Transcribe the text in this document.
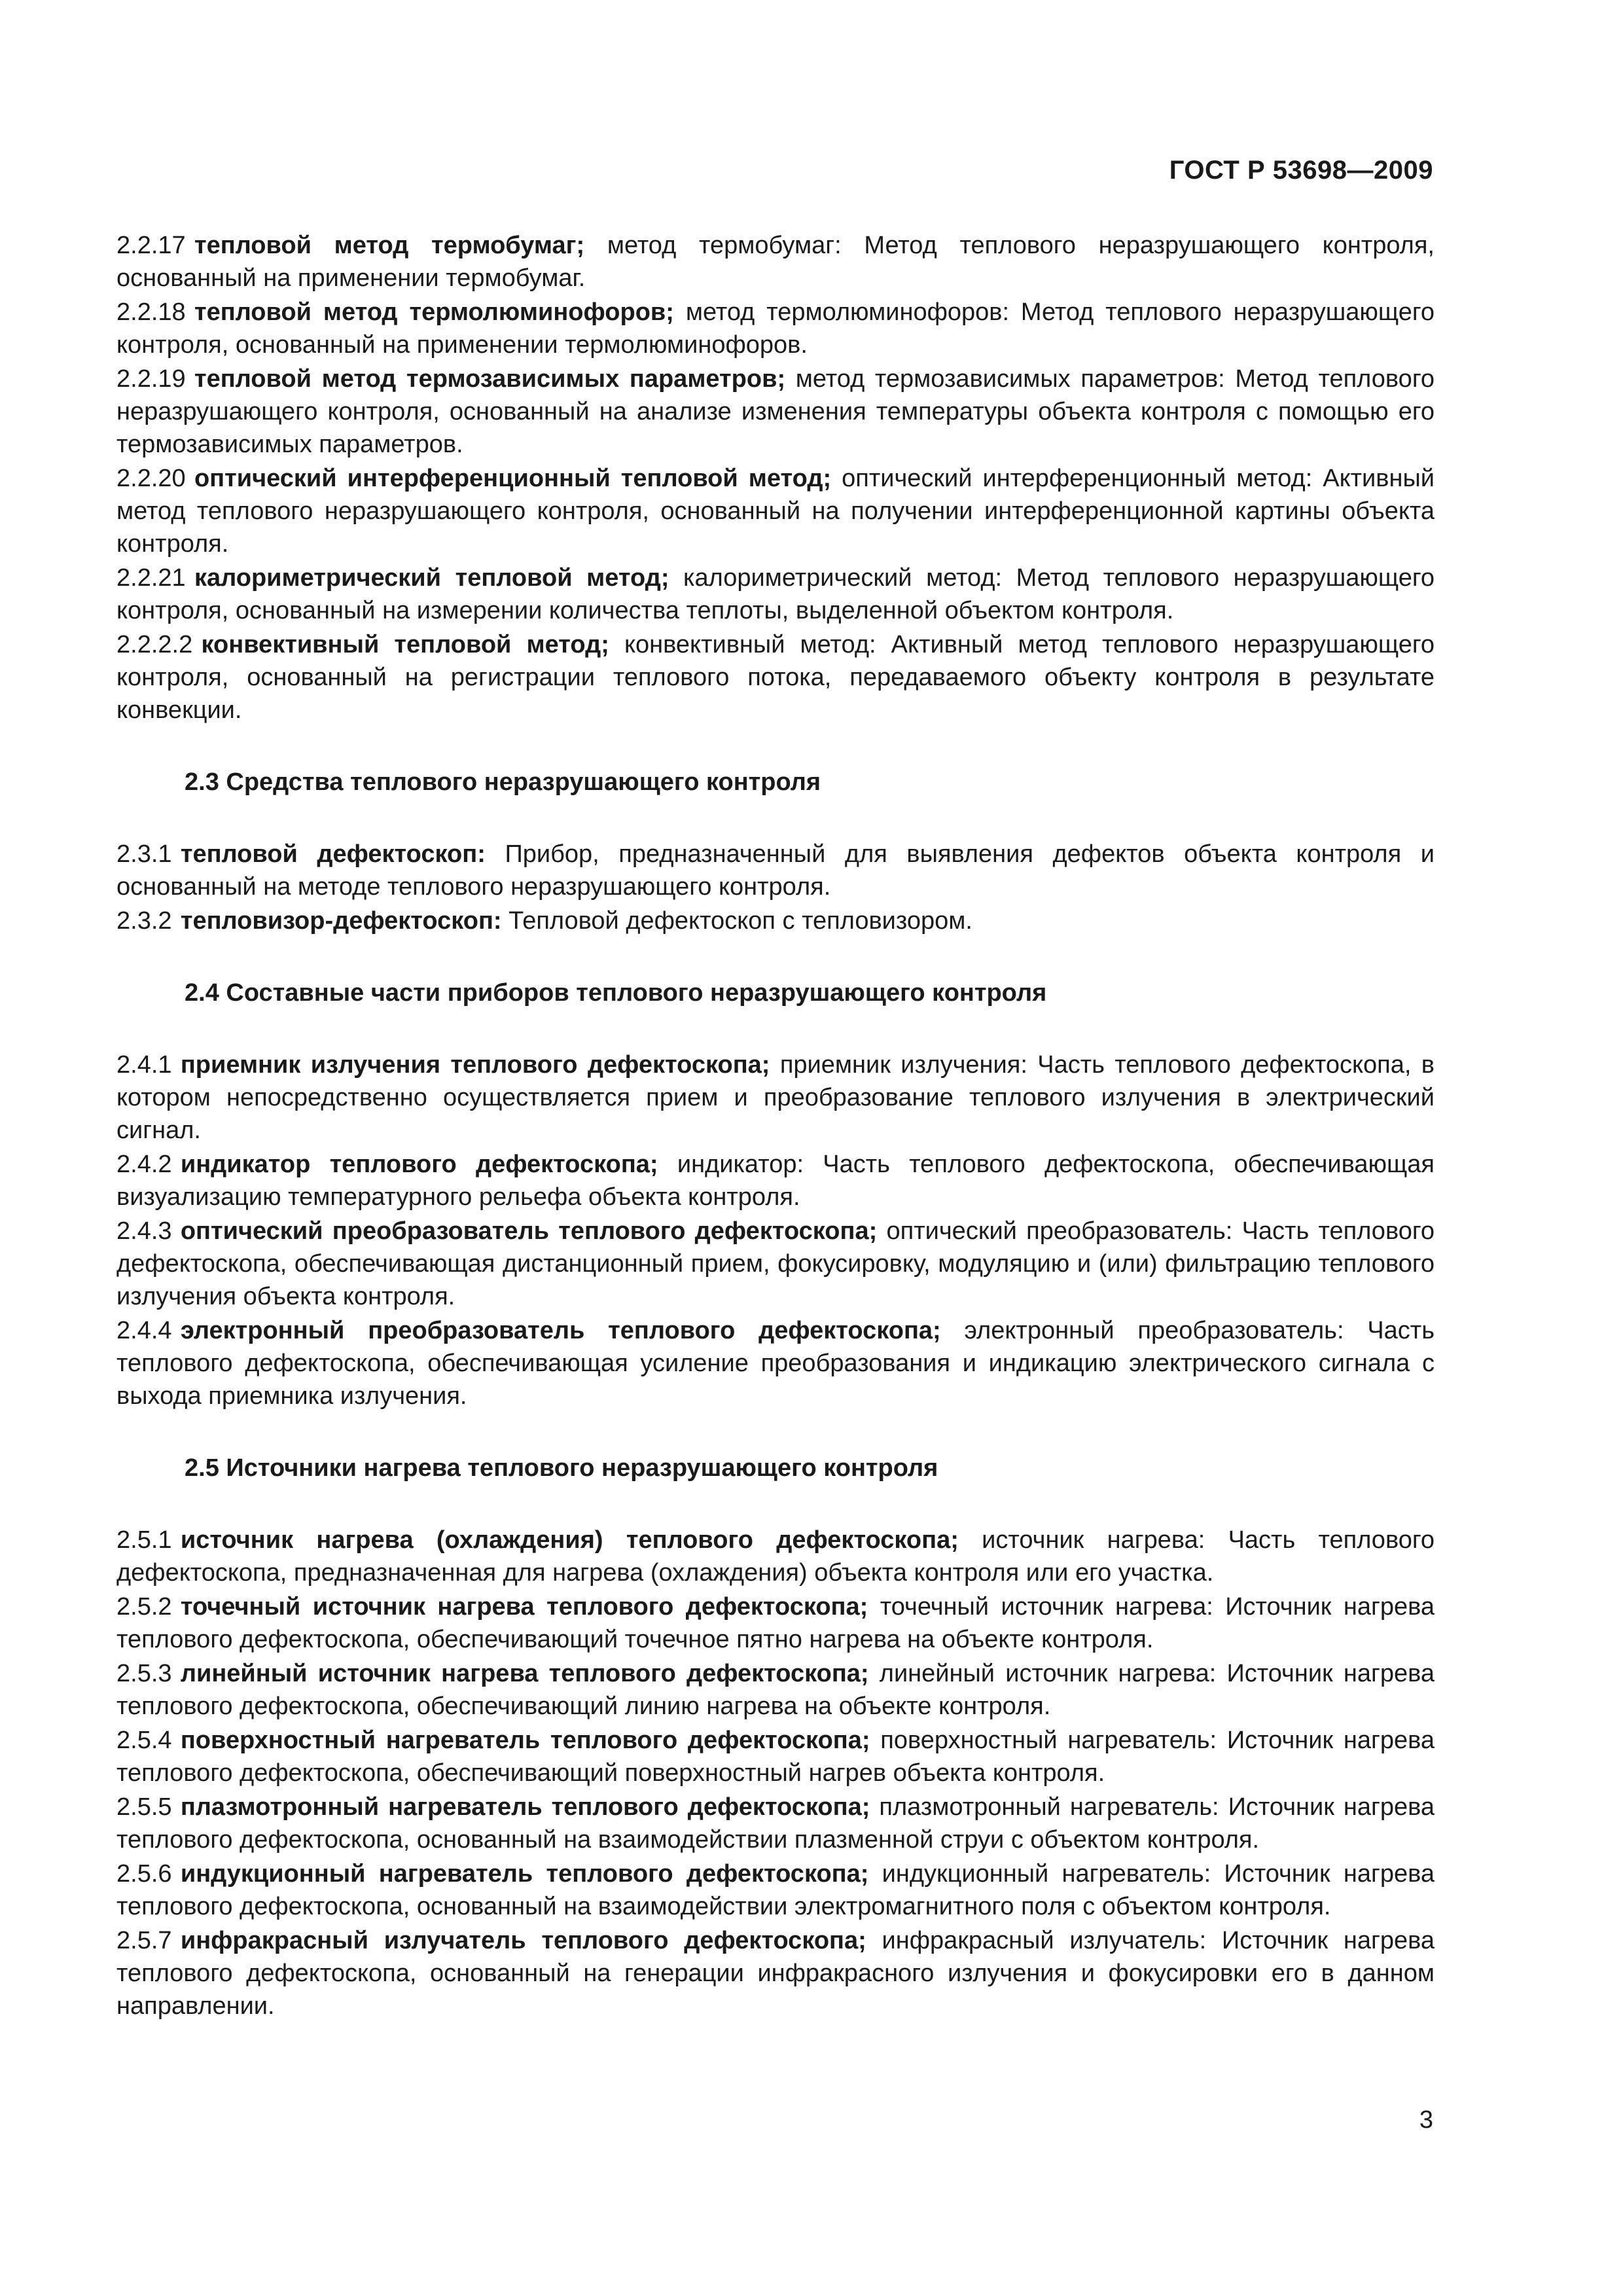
ГОСТ Р 53698—2009

2.2.17 тепловой метод термобумаг; метод термобумаг: Метод теплового неразрушающего контроля, основанный на применении термобумаг.

2.2.18 тепловой метод термолюминофоров; метод термолюминофоров: Метод теплового неразрушающего контроля, основанный на применении термолюминофоров.

2.2.19 тепловой метод термозависимых параметров; метод термозависимых параметров: Метод теплового неразрушающего контроля, основанный на анализе изменения температуры объекта контроля с помощью его термозависимых параметров.

2.2.20 оптический интерференционный тепловой метод; оптический интерференционный метод: Активный метод теплового неразрушающего контроля, основанный на получении интерференционной картины объекта контроля.

2.2.21 калориметрический тепловой метод; калориметрический метод: Метод теплового неразрушающего контроля, основанный на измерении количества теплоты, выделенной объектом контроля.

2.2.2.2 конвективный тепловой метод; конвективный метод: Активный метод теплового неразрушающего контроля, основанный на регистрации теплового потока, передаваемого объекту контроля в результате конвекции.

2.3 Средства теплового неразрушающего контроля

2.3.1 тепловой дефектоскоп: Прибор, предназначенный для выявления дефектов объекта контроля и основанный на методе теплового неразрушающего контроля.

2.3.2 тепловизор-дефектоскоп: Тепловой дефектоскоп с тепловизором.

2.4 Составные части приборов теплового неразрушающего контроля

2.4.1 приемник излучения теплового дефектоскопа; приемник излучения: Часть теплового дефектоскопа, в котором непосредственно осуществляется прием и преобразование теплового излучения в электрический сигнал.

2.4.2 индикатор теплового дефектоскопа; индикатор: Часть теплового дефектоскопа, обеспечивающая визуализацию температурного рельефа объекта контроля.

2.4.3 оптический преобразователь теплового дефектоскопа; оптический преобразователь: Часть теплового дефектоскопа, обеспечивающая дистанционный прием, фокусировку, модуляцию и (или) фильтрацию теплового излучения объекта контроля.

2.4.4 электронный преобразователь теплового дефектоскопа; электронный преобразователь: Часть теплового дефектоскопа, обеспечивающая усиление преобразования и индикацию электрического сигнала с выхода приемника излучения.

2.5 Источники нагрева теплового неразрушающего контроля

2.5.1 источник нагрева (охлаждения) теплового дефектоскопа; источник нагрева: Часть теплового дефектоскопа, предназначенная для нагрева (охлаждения) объекта контроля или его участка.

2.5.2 точечный источник нагрева теплового дефектоскопа; точечный источник нагрева: Источник нагрева теплового дефектоскопа, обеспечивающий точечное пятно нагрева на объекте контроля.

2.5.3 линейный источник нагрева теплового дефектоскопа; линейный источник нагрева: Источник нагрева теплового дефектоскопа, обеспечивающий линию нагрева на объекте контроля.

2.5.4 поверхностный нагреватель теплового дефектоскопа; поверхностный нагреватель: Источник нагрева теплового дефектоскопа, обеспечивающий поверхностный нагрев объекта контроля.

2.5.5 плазмотронный нагреватель теплового дефектоскопа; плазмотронный нагреватель: Источник нагрева теплового дефектоскопа, основанный на взаимодействии плазменной струи с объектом контроля.

2.5.6 индукционный нагреватель теплового дефектоскопа; индукционный нагреватель: Источник нагрева теплового дефектоскопа, основанный на взаимодействии электромагнитного поля с объектом контроля.

2.5.7 инфракрасный излучатель теплового дефектоскопа; инфракрасный излучатель: Источник нагрева теплового дефектоскопа, основанный на генерации инфракрасного излучения и фокусировки его в данном направлении.

3
